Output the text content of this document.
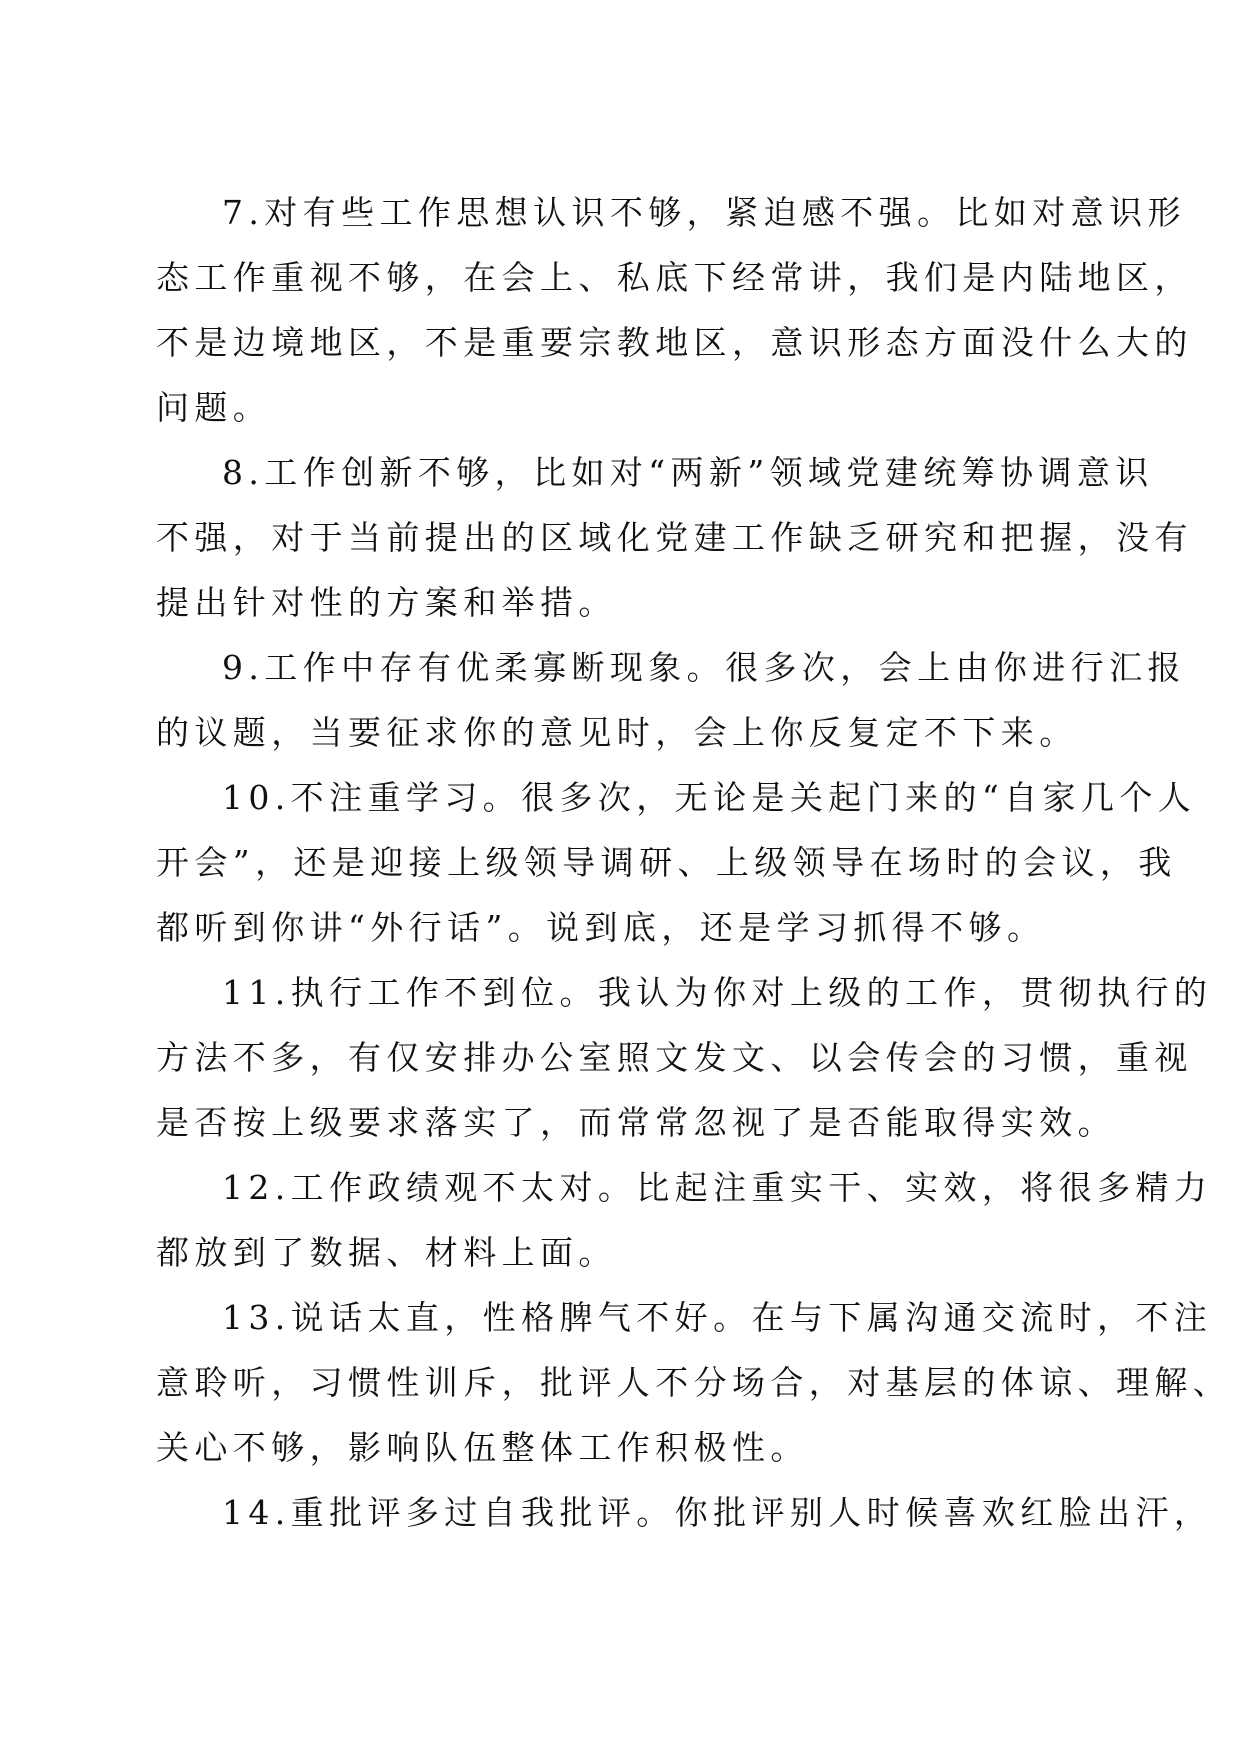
7.对有些工作思想认识不够，紧迫感不强。比如对意识形
态工作重视不够，在会上、私底下经常讲，我们是内陆地区，
不是边境地区，不是重要宗教地区，意识形态方面没什么大的
问题。
8.工作创新不够，比如对“两新”领域党建统筹协调意识
不强，对于当前提出的区域化党建工作缺乏研究和把握，没有
提出针对性的方案和举措。
9.工作中存有优柔寡断现象。很多次，会上由你进行汇报
的议题，当要征求你的意见时，会上你反复定不下来。
10.不注重学习。很多次，无论是关起门来的“自家几个人
开会”，还是迎接上级领导调研、上级领导在场时的会议，我
都听到你讲“外行话”。说到底，还是学习抓得不够。
11.执行工作不到位。我认为你对上级的工作，贯彻执行的
方法不多，有仅安排办公室照文发文、以会传会的习惯，重视
是否按上级要求落实了，而常常忽视了是否能取得实效。
12.工作政绩观不太对。比起注重实干、实效，将很多精力
都放到了数据、材料上面。
13.说话太直，性格脾气不好。在与下属沟通交流时，不注
意聆听，习惯性训斥，批评人不分场合，对基层的体谅、理解、
关心不够，影响队伍整体工作积极性。
14.重批评多过自我批评。你批评别人时候喜欢红脸出汗，
